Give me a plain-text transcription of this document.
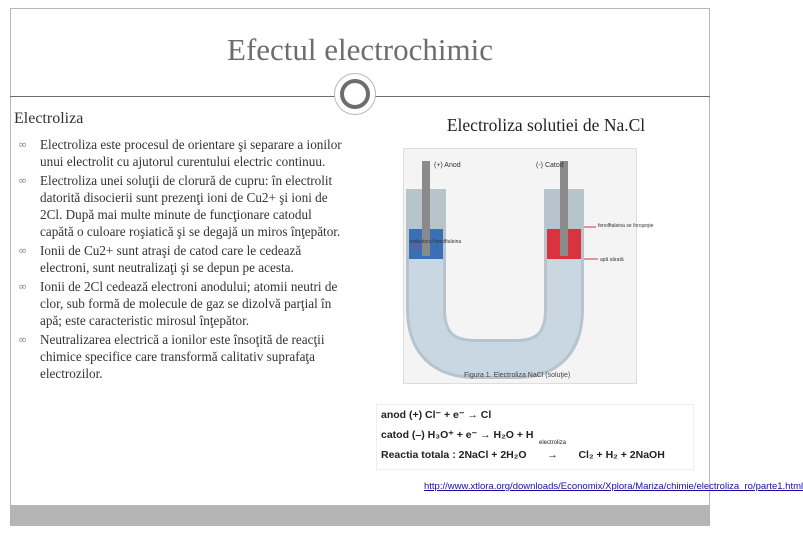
Efectul electrochimic
Electroliza
∞ Electroliza este procesul de orientare şi separare a ionilor unui electrolit cu ajutorul curentului electric continuu.
∞ Electroliza unei soluţii de clorură de cupru: în electrolit datorită disocierii sunt prezenţi ioni de Cu2+ şi ioni de 2Cl. După mai multe minute de funcţionare catodul capătă o culoare roşiatică şi se degajă un miros înţepător.
∞ Ionii de Cu2+ sunt atraşi de catod care le cedează electroni, sunt neutralizaţi şi se depun pe acesta.
∞ Ionii de 2Cl cedează electroni anodului; atomii neutri de clor, sub formă de molecule de gaz se dizolvă parţial în apă; este caracteristic mirosul înţepător.
∞ Neutralizarea electrică a ionilor este însoţită de reacţii chimice specifice care transformă calitativ suprafaţa electrozilor.
Electroliza solutiei de Na.Cl
(+) Anod	(-) Catod
indicatorul fenolftaleina
fenolftaleina se înroşeşte
apă sărată
Figura 1. Electroliza NaCl (soluţie)
anod (+) Cl⁻ + e⁻ → Cl
catod (–) H₃O⁺ + e⁻ → H₂O + H
Reactia totala : 2NaCl + 2H₂O
electroliza
→ Cl₂ + H₂ + 2NaOH
http://www.xtlora.org/downloads/Economix/Xplora/Mariza/chimie/electroliza_ro/parte1.html
